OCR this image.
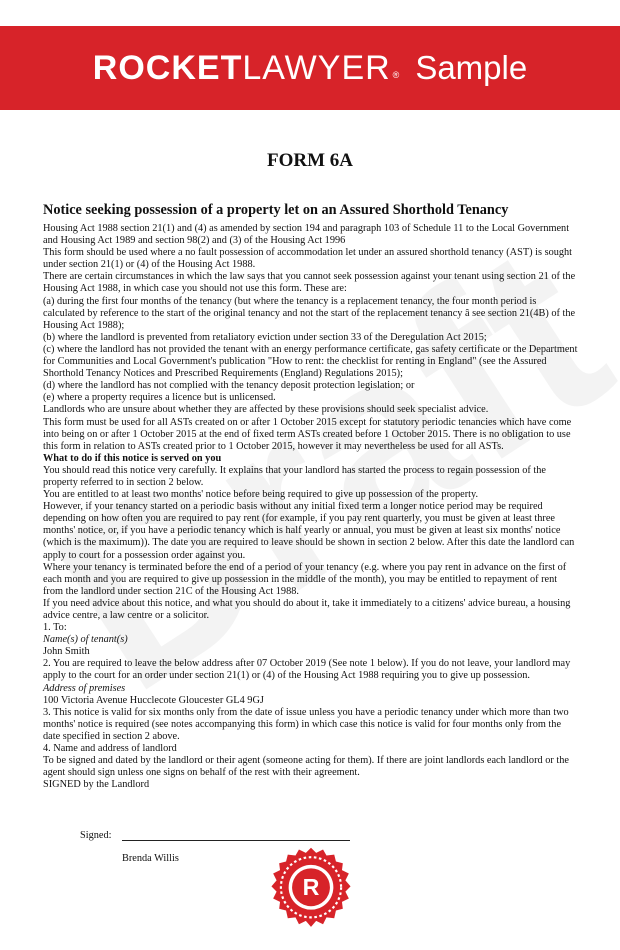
ROCKET LAWYER ® Sample
FORM 6A
Notice seeking possession of a property let on an Assured Shorthold Tenancy

Housing Act 1988 section 21(1) and (4) as amended by section 194 and paragraph 103 of Schedule 11 to the Local Government and Housing Act 1989 and section 98(2) and (3) of the Housing Act 1996

This form should be used where a no fault possession of accommodation let under an assured shorthold tenancy (AST) is sought under section 21(1) or (4) of the Housing Act 1988.

There are certain circumstances in which the law says that you cannot seek possession against your tenant using section 21 of the Housing Act 1988, in which case you should not use this form. These are:

(a) during the first four months of the tenancy (but where the tenancy is a replacement tenancy, the four month period is calculated by reference to the start of the original tenancy and not the start of the replacement tenancy â see section 21(4B) of the Housing Act 1988);

(b) where the landlord is prevented from retaliatory eviction under section 33 of the Deregulation Act 2015;

(c) where the landlord has not provided the tenant with an energy performance certificate, gas safety certificate or the Department for Communities and Local Government's publication "How to rent: the checklist for renting in England" (see the Assured Shorthold Tenancy Notices and Prescribed Requirements (England) Regulations 2015);

(d) where the landlord has not complied with the tenancy deposit protection legislation; or

(e) where a property requires a licence but is unlicensed.

Landlords who are unsure about whether they are affected by these provisions should seek specialist advice.

This form must be used for all ASTs created on or after 1 October 2015 except for statutory periodic tenancies which have come into being on or after 1 October 2015 at the end of fixed term ASTs created before 1 October 2015. There is no obligation to use this form in relation to ASTs created prior to 1 October 2015, however it may nevertheless be used for all ASTs.

What to do if this notice is served on you

You should read this notice very carefully. It explains that your landlord has started the process to regain possession of the property referred to in section 2 below.

You are entitled to at least two months' notice before being required to give up possession of the property.

However, if your tenancy started on a periodic basis without any initial fixed term a longer notice period may be required depending on how often you are required to pay rent (for example, if you pay rent quarterly, you must be given at least three months' notice, or, if you have a periodic tenancy which is half yearly or annual, you must be given at least six months' notice (which is the maximum)). The date you are required to leave should be shown in section 2 below. After this date the landlord can apply to court for a possession order against you.

Where your tenancy is terminated before the end of a period of your tenancy (e.g. where you pay rent in advance on the first of each month and you are required to give up possession in the middle of the month), you may be entitled to repayment of rent from the landlord under section 21C of the Housing Act 1988.

If you need advice about this notice, and what you should do about it, take it immediately to a citizens' advice bureau, a housing advice centre, a law centre or a solicitor.

1. To:

Name(s) of tenant(s)

John Smith

2. You are required to leave the below address after 07 October 2019 (See note 1 below). If you do not leave, your landlord may apply to the court for an order under section 21(1) or (4) of the Housing Act 1988 requiring you to give up possession.

Address of premises

100 Victoria Avenue Hucclecote Gloucester GL4 9GJ

3. This notice is valid for six months only from the date of issue unless you have a periodic tenancy under which more than two months' notice is required (see notes accompanying this form) in which case this notice is valid for four months only from the date specified in section 2 above.

4. Name and address of landlord

To be signed and dated by the landlord or their agent (someone acting for them). If there are joint landlords each landlord or the agent should sign unless one signs on behalf of the rest with their agreement.

SIGNED by the Landlord

Signed:
Brenda Willis
R
